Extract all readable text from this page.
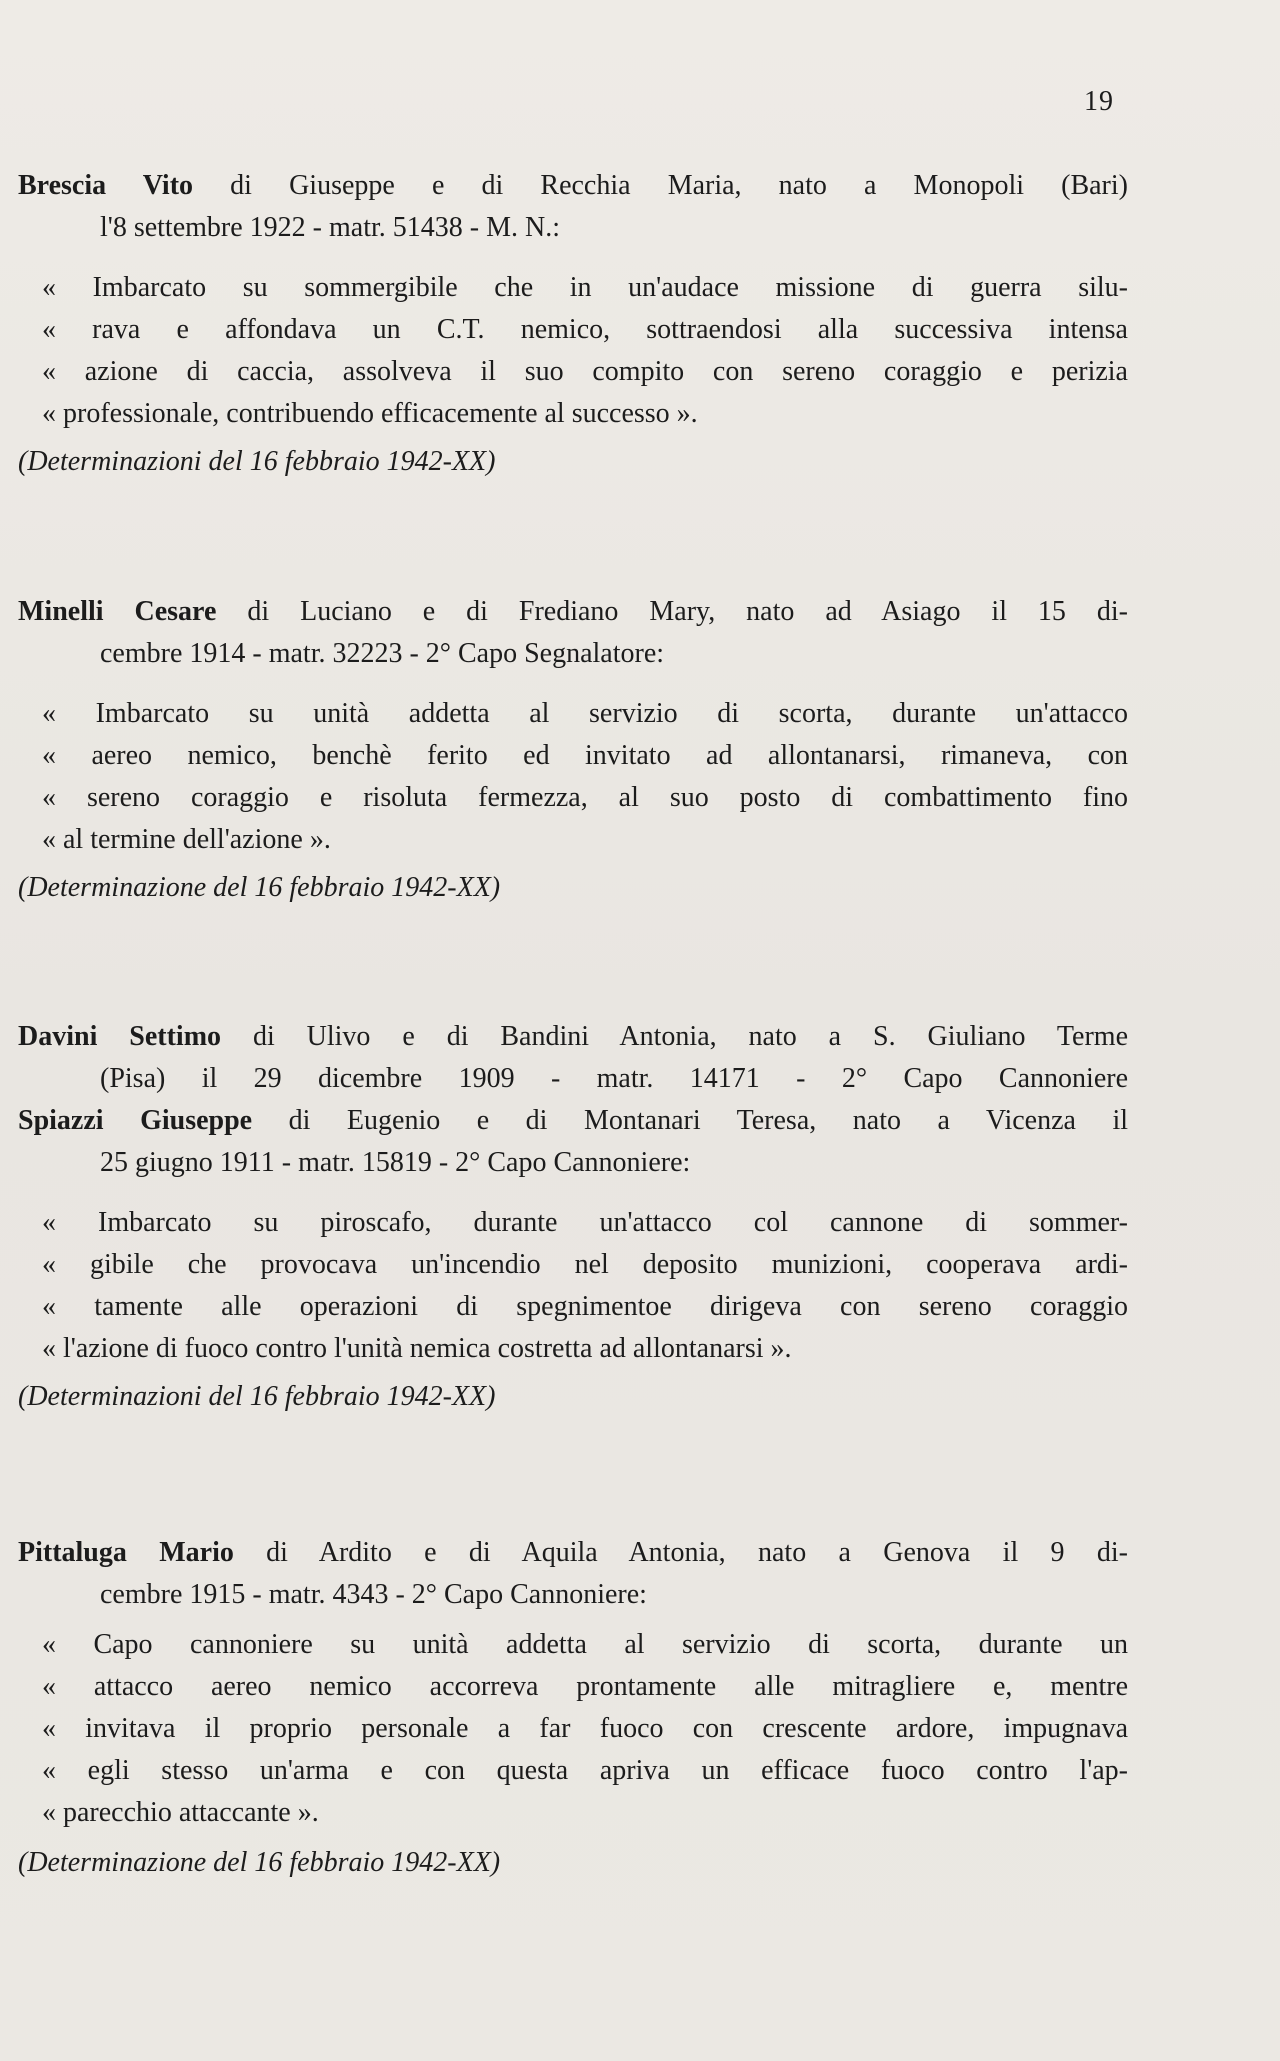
19
Brescia Vito di Giuseppe e di Recchia Maria, nato a Monopoli (Bari)
l'8 settembre 1922 - matr. 51438 - M. N.:
« Imbarcato su sommergibile che in un'audace missione di guerra silu-
« rava e affondava un C.T. nemico, sottraendosi alla successiva intensa
« azione di caccia, assolveva il suo compito con sereno coraggio e perizia
« professionale, contribuendo efficacemente al successo ».
(Determinazioni del 16 febbraio 1942-XX)
Minelli Cesare di Luciano e di Frediano Mary, nato ad Asiago il 15 di-
cembre 1914 - matr. 32223 - 2° Capo Segnalatore:
« Imbarcato su unità addetta al servizio di scorta, durante un'attacco
« aereo nemico, benchè ferito ed invitato ad allontanarsi, rimaneva, con
« sereno coraggio e risoluta fermezza, al suo posto di combattimento fino
« al termine dell'azione ».
(Determinazione del 16 febbraio 1942-XX)
Davini Settimo di Ulivo e di Bandini Antonia, nato a S. Giuliano Terme
(Pisa) il 29 dicembre 1909 - matr. 14171 - 2° Capo Cannoniere
Spiazzi Giuseppe di Eugenio e di Montanari Teresa, nato a Vicenza il
25 giugno 1911 - matr. 15819 - 2° Capo Cannoniere:
« Imbarcato su piroscafo, durante un'attacco col cannone di sommer-
« gibile che provocava un'incendio nel deposito munizioni, cooperava ardi-
« tamente alle operazioni di spegnimentoe dirigeva con sereno coraggio
« l'azione di fuoco contro l'unità nemica costretta ad allontanarsi ».
(Determinazioni del 16 febbraio 1942-XX)
Pittaluga Mario di Ardito e di Aquila Antonia, nato a Genova il 9 di-
cembre 1915 - matr. 4343 - 2° Capo Cannoniere:
« Capo cannoniere su unità addetta al servizio di scorta, durante un
« attacco aereo nemico accorreva prontamente alle mitragliere e, mentre
« invitava il proprio personale a far fuoco con crescente ardore, impugnava
« egli stesso un'arma e con questa apriva un efficace fuoco contro l'ap-
« parecchio attaccante ».
(Determinazione del 16 febbraio 1942-XX)
